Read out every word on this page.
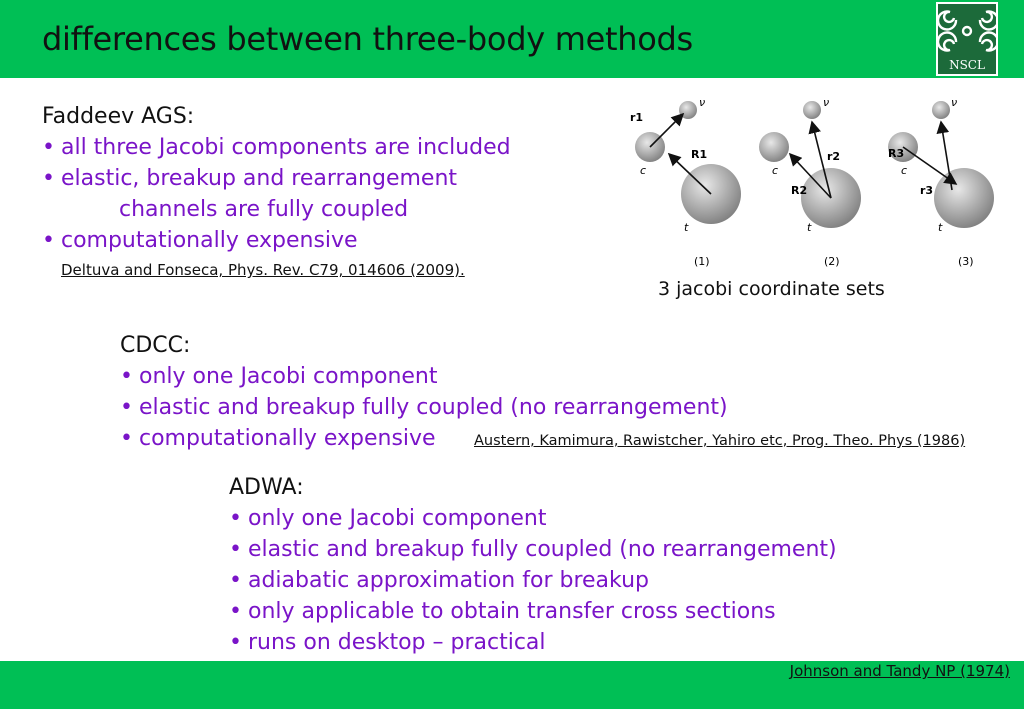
differences between three-body methods
NSCL
Faddeev AGS:
• all three Jacobi components are included
• elastic, breakup and rearrangement
channels are fully coupled
• computationally expensive
Deltuva and Fonseca, Phys. Rev. C79, 014606 (2009).
r1
R1
c
ν
t
(1)
r2
R2
c
ν
t
(2)
R3
r3
c
ν
t
(3)
3 jacobi coordinate sets
CDCC:
• only one Jacobi component
• elastic and breakup fully coupled (no rearrangement)
• computationally expensive	Austern, Kamimura, Rawistcher, Yahiro etc, Prog. Theo. Phys (1986)
ADWA:
• only one Jacobi component
• elastic and breakup fully coupled (no rearrangement)
• adiabatic approximation for breakup
• only applicable to obtain transfer cross sections
• runs on desktop – practical
Johnson and Tandy NP (1974)
